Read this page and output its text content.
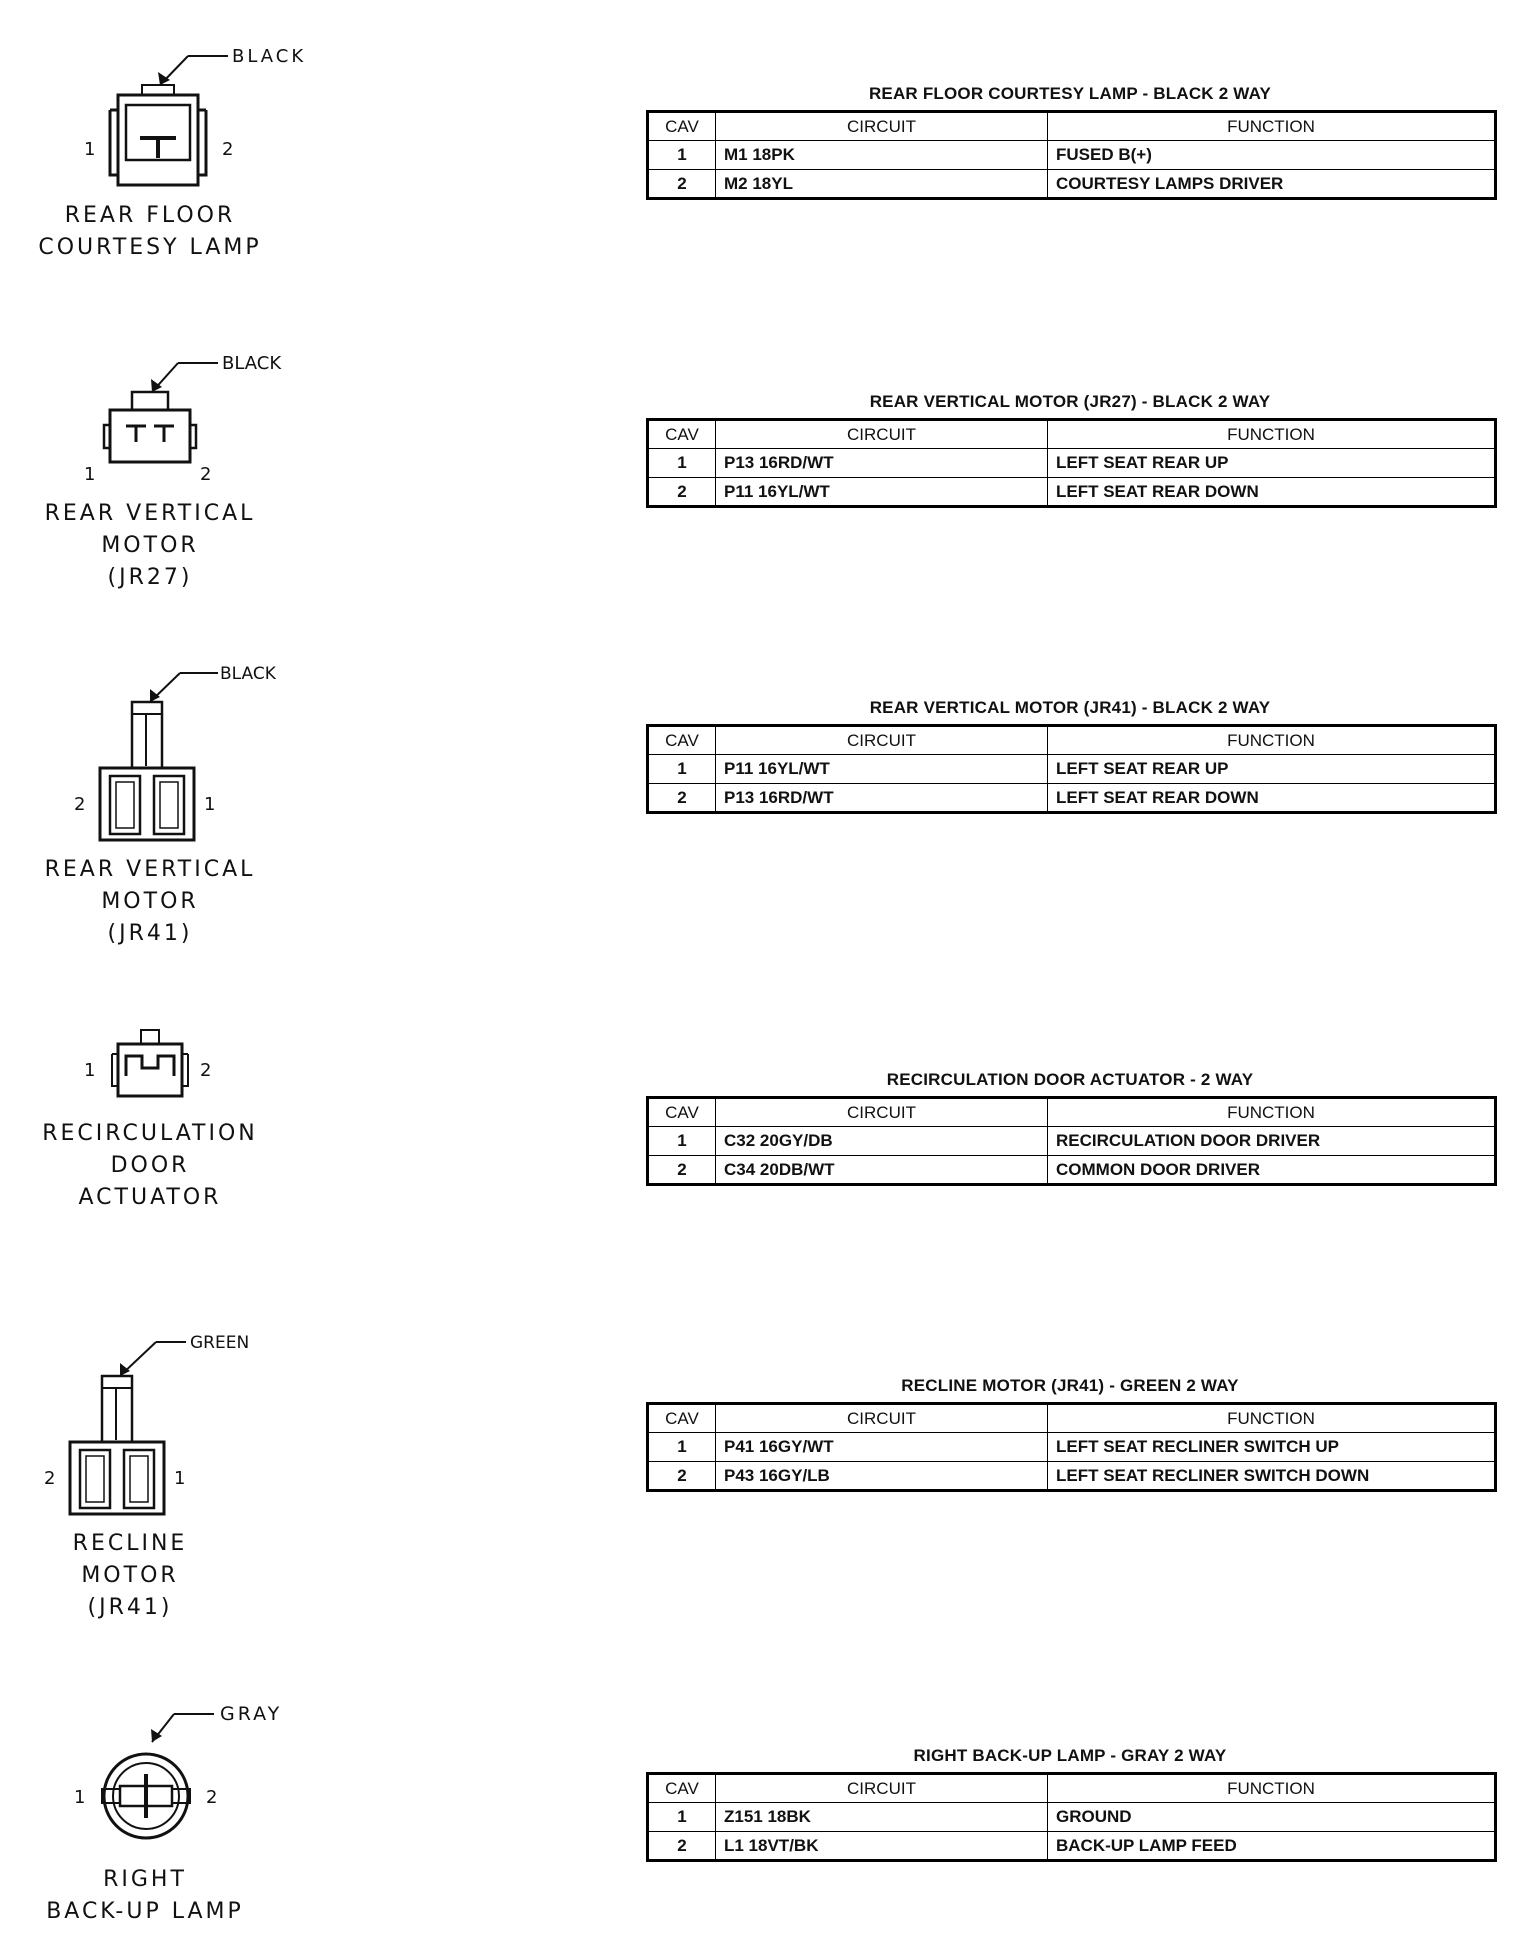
1	2
BLACK
REAR FLOOR
COURTESY LAMP
1	2
BLACK
REAR VERTICAL
MOTOR
(JR27)
2	1
BLACK
REAR VERTICAL
MOTOR
(JR41)
1	2
RECIRCULATION
DOOR
ACTUATOR
2	1
GREEN
RECLINE
MOTOR
(JR41)
1	2
GRAY
RIGHT
BACK-UP LAMP
REAR FLOOR COURTESY LAMP - BLACK 2 WAY
CAV	CIRCUIT	FUNCTION
1	M1 18PK	FUSED B(+)
2	M2 18YL	COURTESY LAMPS DRIVER
REAR VERTICAL MOTOR (JR27) - BLACK 2 WAY
CAV	CIRCUIT	FUNCTION
1	P13 16RD/WT	LEFT SEAT REAR UP
2	P11 16YL/WT	LEFT SEAT REAR DOWN
REAR VERTICAL MOTOR (JR41) - BLACK 2 WAY
CAV	CIRCUIT	FUNCTION
1	P11 16YL/WT	LEFT SEAT REAR UP
2	P13 16RD/WT	LEFT SEAT REAR DOWN
RECIRCULATION DOOR ACTUATOR - 2 WAY
CAV	CIRCUIT	FUNCTION
1	C32 20GY/DB	RECIRCULATION DOOR DRIVER
2	C34 20DB/WT	COMMON DOOR DRIVER
RECLINE MOTOR (JR41) - GREEN 2 WAY
CAV	CIRCUIT	FUNCTION
1	P41 16GY/WT	LEFT SEAT RECLINER SWITCH UP
2	P43 16GY/LB	LEFT SEAT RECLINER SWITCH DOWN
RIGHT BACK-UP LAMP - GRAY 2 WAY
CAV	CIRCUIT	FUNCTION
1	Z151 18BK	GROUND
2	L1 18VT/BK	BACK-UP LAMP FEED
